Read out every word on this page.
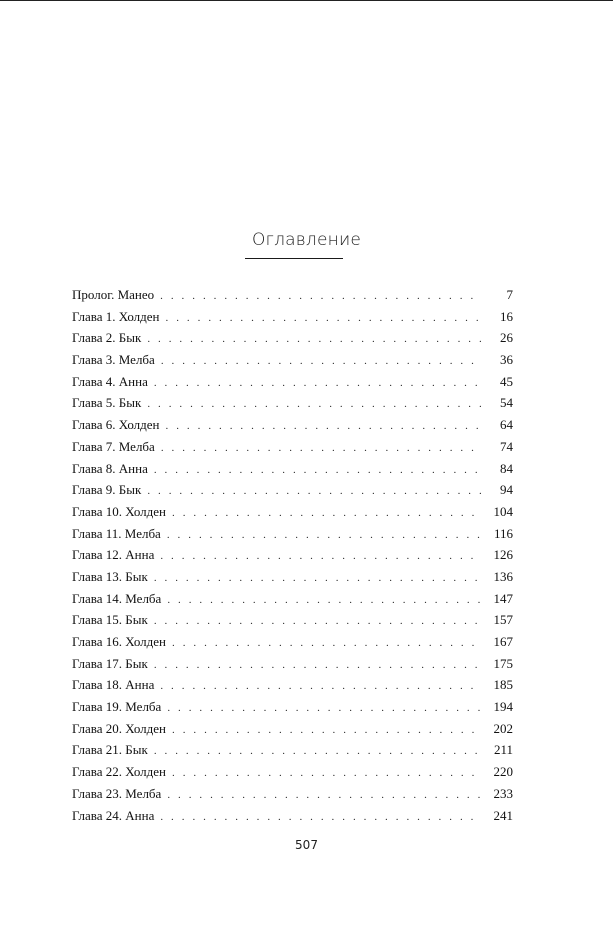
Оглавление
Пролог. Манео . . .	7
Глава 1. Холден . . .	16
Глава 2. Бык . . .	26
Глава 3. Мелба . . .	36
Глава 4. Анна . . .	45
Глава 5. Бык . . .	54
Глава 6. Холден . . .	64
Глава 7. Мелба . . .	74
Глава 8. Анна . . .	84
Глава 9. Бык . . .	94
Глава 10. Холден . . .	104
Глава 11. Мелба . . .	116
Глава 12. Анна . . .	126
Глава 13. Бык . . .	136
Глава 14. Мелба . . .	147
Глава 15. Бык . . .	157
Глава 16. Холден . . .	167
Глава 17. Бык . . .	175
Глава 18. Анна . . .	185
Глава 19. Мелба . . .	194
Глава 20. Холден . . .	202
Глава 21. Бык . . .	211
Глава 22. Холден . . .	220
Глава 23. Мелба . . .	233
Глава 24. Анна . . .	241
507
